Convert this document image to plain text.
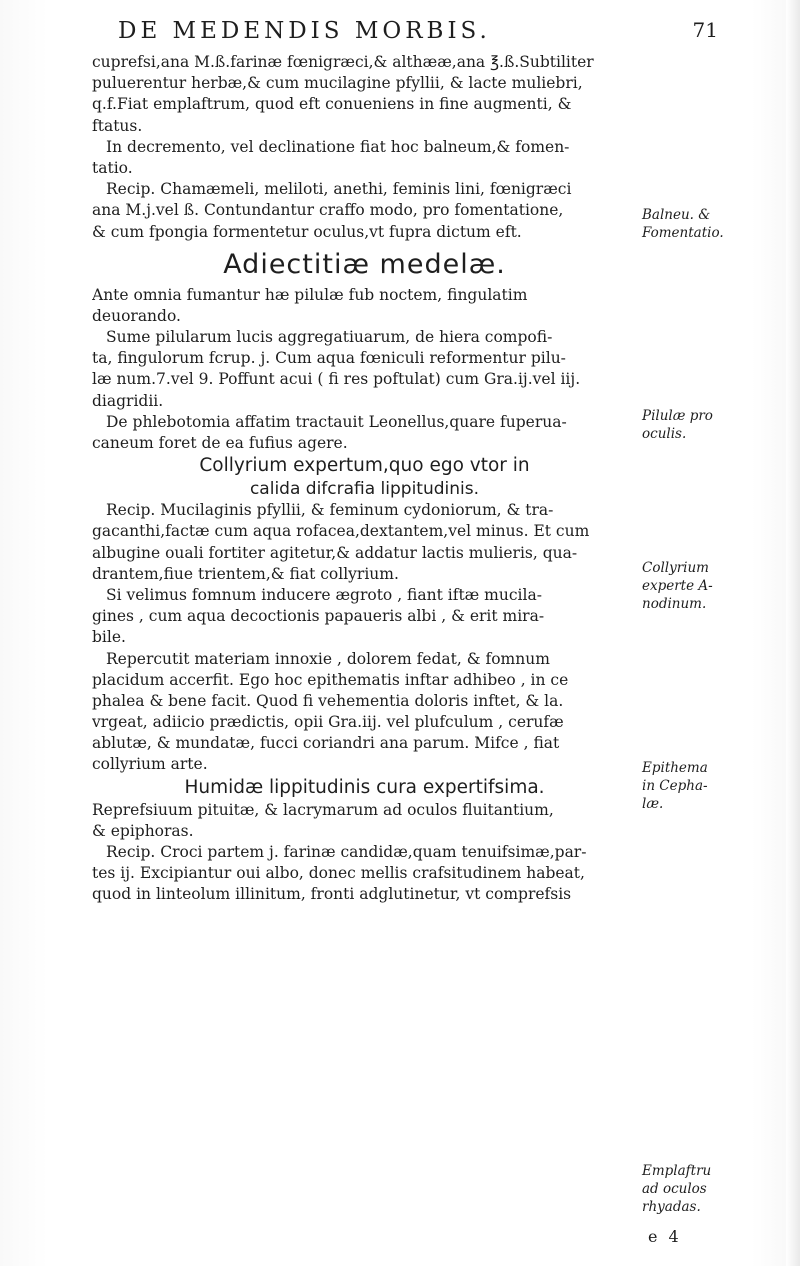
DE MEDENDIS MORBIS.	71
cuprefsi,ana M.ß.farinæ fœnigræci,& althææ,ana ℥.ß.Subtiliter
puluerentur herbæ,& cum mucilagine pfyllii, & lacte muliebri,
q.f.Fiat emplaftrum, quod eft conueniens in fine augmenti, &
ftatus.
In decremento, vel declinatione fiat hoc balneum,& fomen-
tatio.
Recip. Chamæmeli, meliloti, anethi, feminis lini, fœnigræci
ana M.j.vel ß. Contundantur craffo modo, pro fomentatione,
& cum fpongia formentetur oculus,vt fupra dictum eft.
Adiectitiæ medelæ.
Ante omnia fumantur hæ pilulæ fub noctem, fingulatim
deuorando.
Sume pilularum lucis aggregatiuarum, de hiera compofi-
ta, fingulorum fcrup. j. Cum aqua fœniculi reformentur pilu-
læ num.7.vel 9. Poffunt acui ( fi res poftulat) cum Gra.ij.vel iij.
diagridii.
De phlebotomia affatim tractauit Leonellus,quare fuperua-
caneum foret de ea fufius agere.
Collyrium expertum,quo ego vtor in
calida difcrafia lippitudinis.
Recip. Mucilaginis pfyllii, & feminum cydoniorum, & tra-
gacanthi,factæ cum aqua rofacea,dextantem,vel minus. Et cum
albugine ouali fortiter agitetur,& addatur lactis mulieris, qua-
drantem,fiue trientem,& fiat collyrium.
Si velimus fomnum inducere ægroto , fiant iftæ mucila-
gines , cum aqua decoctionis papaueris albi , & erit mira-
bile.
Repercutit materiam innoxie , dolorem fedat, & fomnum
placidum accerfit. Ego hoc epithematis inftar adhibeo , in ce
phalea & bene facit. Quod fi vehementia doloris inftet, & la.
vrgeat, adiicio prædictis, opii Gra.iij. vel plufculum , cerufæ
ablutæ, & mundatæ, fucci coriandri ana parum. Mifce , fiat
collyrium arte.
Humidæ lippitudinis cura expertifsima.
Reprefsiuum pituitæ, & lacrymarum ad oculos fluitantium,
& epiphoras.
Recip. Croci partem j. farinæ candidæ,quam tenuifsimæ,par-
tes ij. Excipiantur oui albo, donec mellis crafsitudinem habeat,
quod in linteolum illinitum, fronti adglutinetur, vt comprefsis
Balneu. &
Fomentatio.
Pilulæ pro
oculis.
Collyrium
experte A-
nodinum.
Epithema
in Cepha-
læ.
Emplaftru
ad oculos
rhyadas.
e 4
